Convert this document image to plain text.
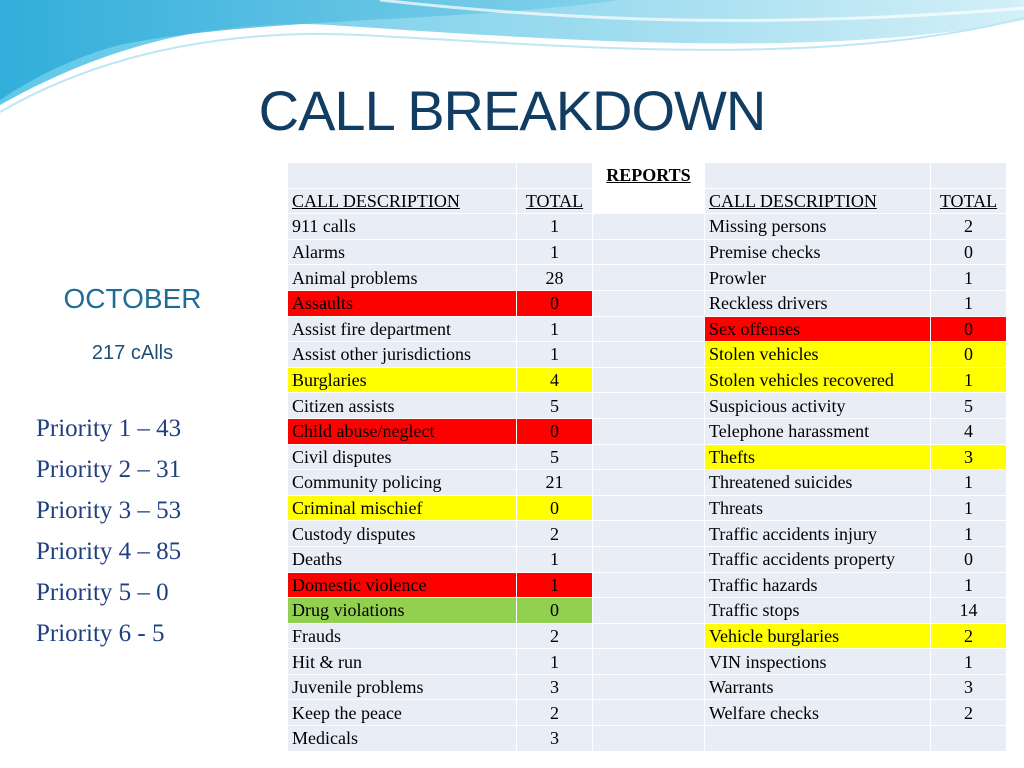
CALL BREAKDOWN
OCTOBER
217 cAlls
Priority 1 – 43
Priority 2 – 31
Priority 3 – 53
Priority 4 – 85
Priority 5 – 0
Priority 6 - 5
		REPORTS		
CALL DESCRIPTION	TOTAL		CALL DESCRIPTION	TOTAL
911 calls	1		Missing persons	2
Alarms	1		Premise checks	0
Animal problems	28		Prowler	1
Assaults	0		Reckless drivers	1
Assist fire department	1		Sex offenses	0
Assist other jurisdictions	1		Stolen vehicles	0
Burglaries	4		Stolen vehicles recovered	1
Citizen assists	5		Suspicious activity	5
Child abuse/neglect	0		Telephone harassment	4
Civil disputes	5		Thefts	3
Community policing	21		Threatened suicides	1
Criminal mischief	0		Threats	1
Custody disputes	2		Traffic accidents injury	1
Deaths	1		Traffic accidents property	0
Domestic violence	1		Traffic hazards	1
Drug violations	0		Traffic stops	14
Frauds	2		Vehicle burglaries	2
Hit & run	1		VIN inspections	1
Juvenile problems	3		Warrants	3
Keep the peace	2		Welfare checks	2
Medicals	3			
